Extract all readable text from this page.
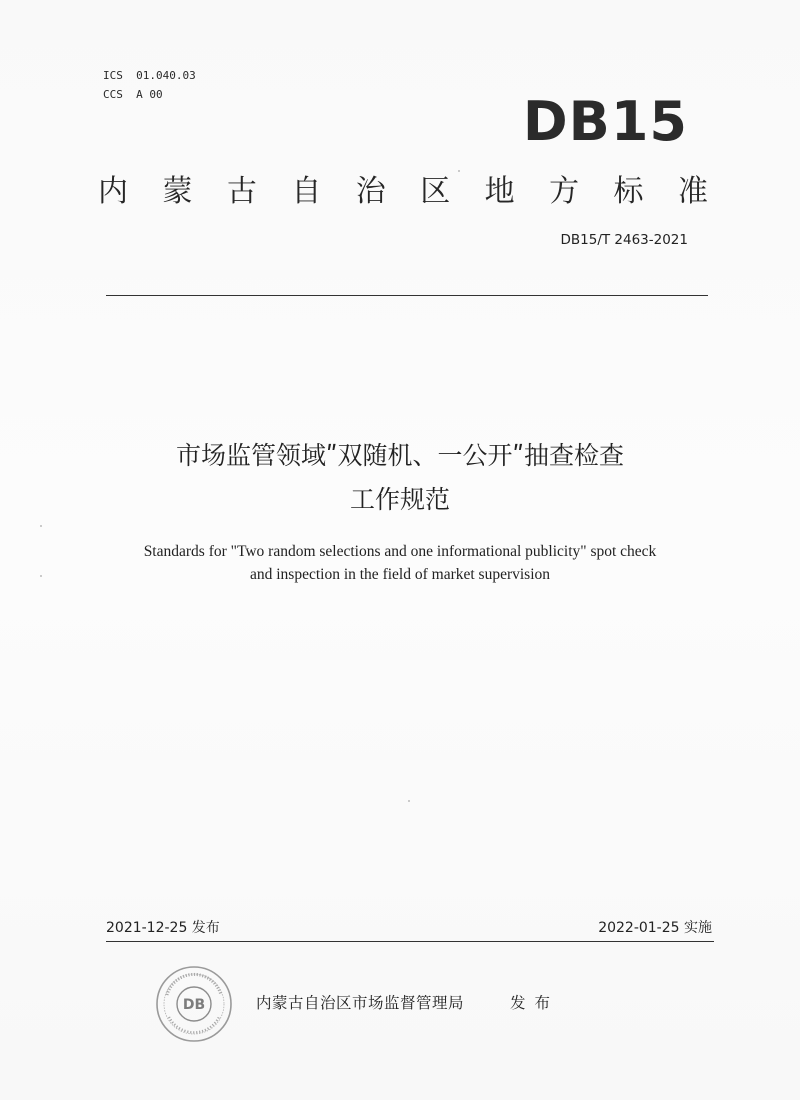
ICS  01.040.03
CCS  A 00	DB15
内 蒙 古 自 治 区 地 方 标 准
DB15/T 2463-2021
市场监管领域ʺ双随机、一公开ʺ抽查检查
工作规范
Standards for "Two random selections and one informational publicity" spot check
and inspection in the field of market supervision
2021-12-25 发布	2022-01-25 实施
DB	内蒙古自治区市场监督管理局	发布
